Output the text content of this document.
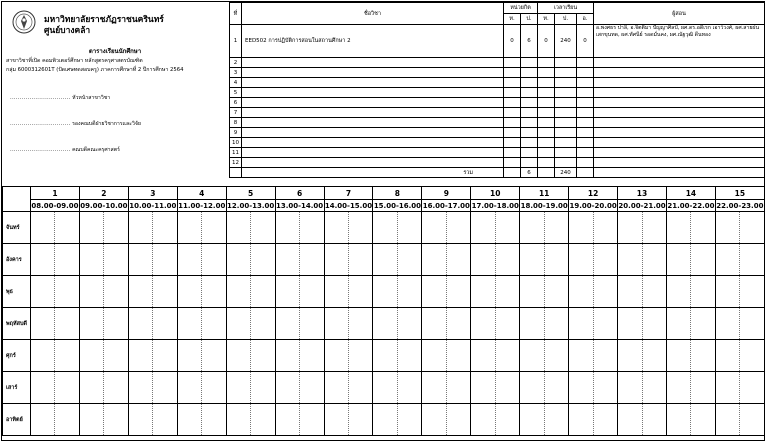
มหาวิทยาลัยราชภัฏราชนครินทร์
ศูนย์บางคล้า
ตารางเรียนนักศึกษา
สาขาวิชาที่เปิด คอมพิวเตอร์ศึกษา หลักสูตรครุศาสตรบัณฑิต
กลุ่ม 6000312601T (ปัดเศษทดสอบครู) ภาคการศึกษาที่ 2 ปีการศึกษา 2564
............................... หัวหน้าสาขาวิชา
............................... รองคณบดีฝ่ายวิชาการและวิจัย
............................... คณบดีคณะครุศาสตร์
ที่	ชื่อวิชา	หน่วยกิต		เวลาเรียน			ผู้สอน
		ท.	ป.	ท.	ป.	อ.	
1	EED502 การปฏิบัติการสอนในสถานศึกษา 2	0	6	0	240	0	อ.พงศธร ปาลี, อ.จิตติมา ปัญญาศิลป์, ผศ.ดร.อดิเรก เอาว์วงศ์, ผศ.สายฝน เสกขุนทด, ผศ.ทัศนีย์ รอดมั่นคง, ผศ.ณัฐวุฒิ ดีนทอง
2							
3							
4							
5							
6							
7							
8							
9							
10							
11							
12							
	รวม		6		240		
	1	2	3	4	5	6	7	8	9	10	11	12	13	14	15
	08.00-09.00	09.00-10.00	10.00-11.00	11.00-12.00	12.00-13.00	13.00-14.00	14.00-15.00	15.00-16.00	16.00-17.00	17.00-18.00	18.00-19.00	19.00-20.00	20.00-21.00	21.00-22.00	22.00-23.00
จันทร์	

อังคาร	

พุธ	

พฤหัสบดี	

ศุกร์	

เสาร์	

อาทิตย์	
